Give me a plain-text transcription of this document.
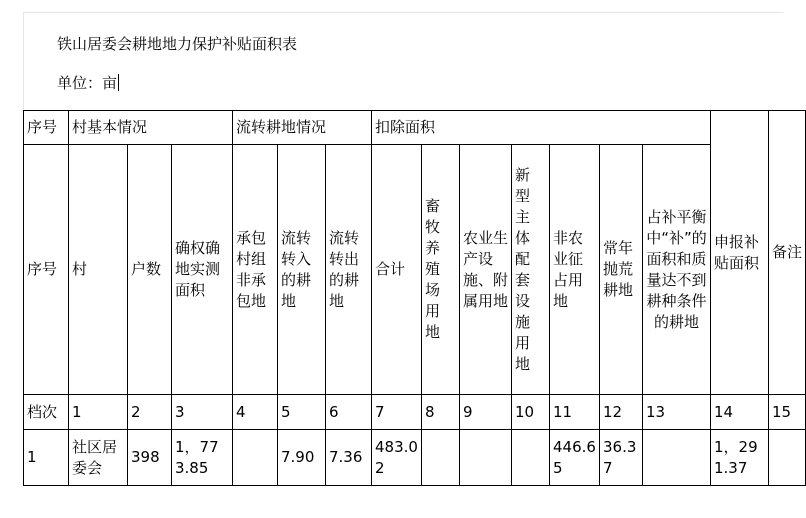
铁山居委会耕地地力保护补贴面积表
单位：亩
序号	村基本情况			流转耕地情况			扣除面积							申报补贴面积	备注
序号	村	户数	确权确地实测面积	承包村组非承包地	流转转入的耕地	流转转出的耕地	合计	畜牧养殖场用地	农业生产设施、附属用地	新型主体配套设施用地	非农业征占用地	常年抛荒耕地	占补平衡中“补”的面积和质量达不到耕种条件的耕地		
档次	1	2	3	4	5	6	7	8	9	10	11	12	13	14	15
1	社区居委会	398	1，773.85		7.90	7.36	483.02				446.65	36.37		1，291.37	
